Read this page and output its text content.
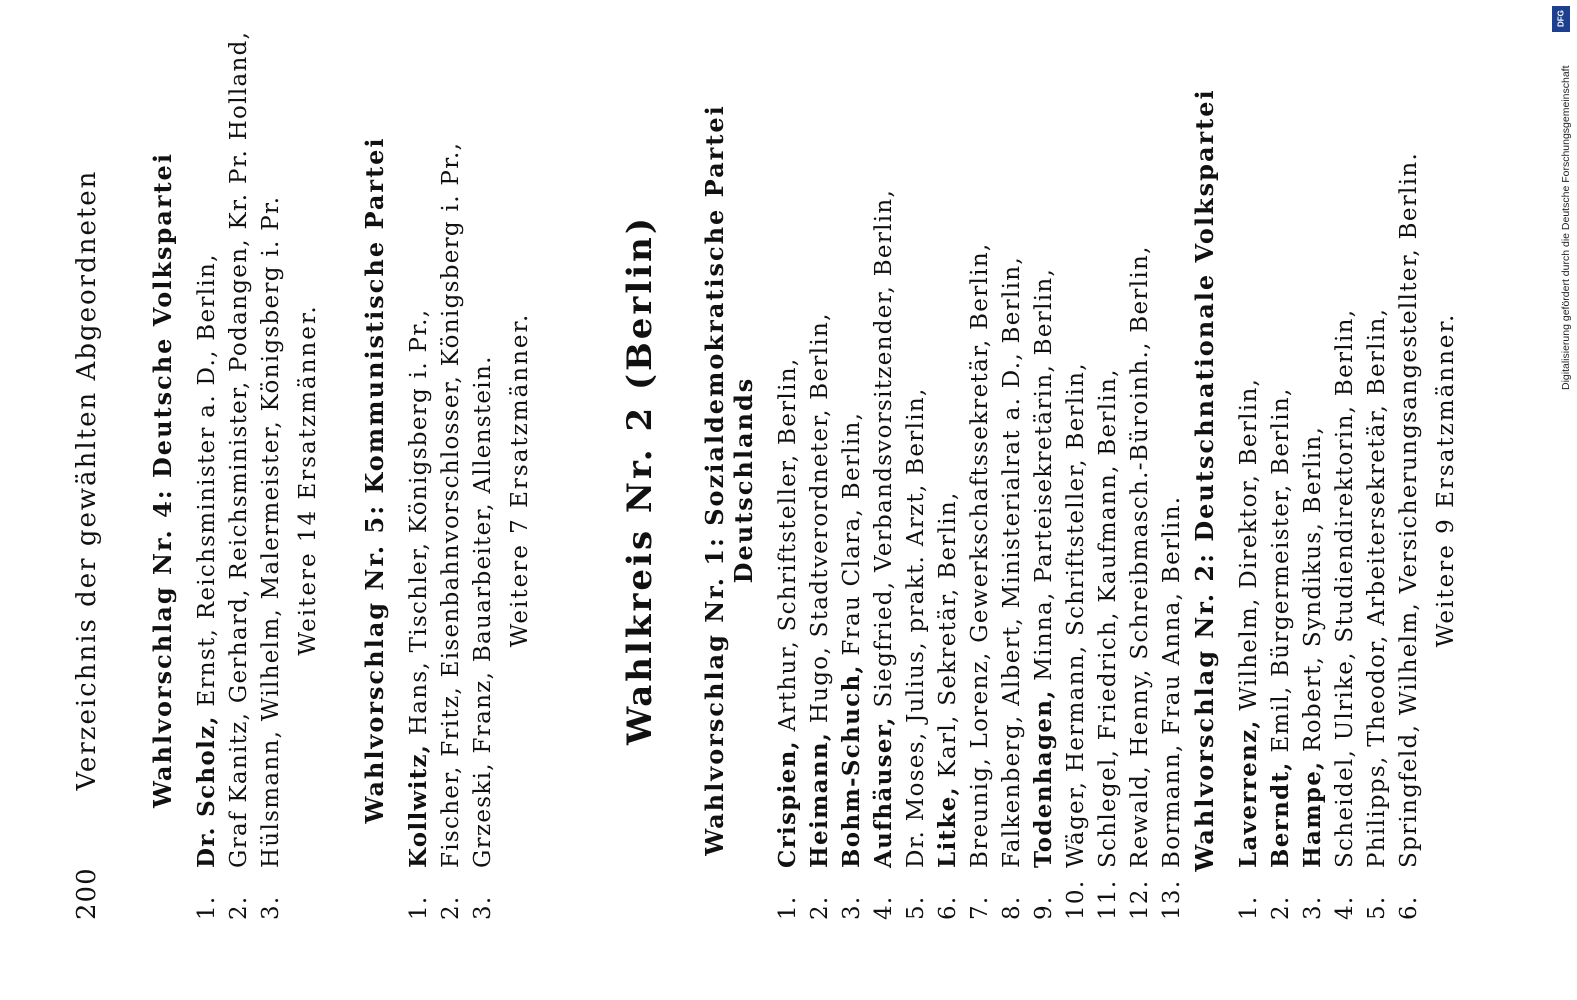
200
Verzeichnis der gewählten Abgeordneten Wahlvorschlag Nr. 4: Deutsche Volkspartei
1.Dr. Scholz, Ernst, Reichsminister a. D., Berlin,
2.Graf Kanitz, Gerhard, Reichsminister, Podangen, Kr. Pr. Holland,
3.Hülsmann, Wilhelm, Malermeister, Königsberg i. Pr. Weitere 14 Ersatzmänner. Wahlvorschlag Nr. 5: Kommunistische Partei
1.Kollwitz, Hans, Tischler, Königsberg i. Pr.,
2.Fischer, Fritz, Eisenbahnvorschlosser, Königsberg i. Pr.,
3.Grzeski, Franz, Bauarbeiter, Allenstein. Weitere 7 Ersatzmänner.	Wahlkreis Nr. 2 (Berlin) Wahlvorschlag Nr. 1: Sozialdemokratische Partei Deutschlands
1.Crispien, Arthur, Schriftsteller, Berlin,
2.Heimann, Hugo, Stadtverordneter, Berlin,
3.Bohm-Schuch, Frau Clara, Berlin,
4.Aufhäuser, Siegfried, Verbandsvorsitzender, Berlin,
5.Dr. Moses, Julius, prakt. Arzt, Berlin,
6.Litke, Karl, Sekretär, Berlin,
7.Breunig, Lorenz, Gewerkschaftssekretär, Berlin,
8.Falkenberg, Albert, Ministerialrat a. D., Berlin,
9.Todenhagen, Minna, Parteisekretärin, Berlin,
10.Wäger, Hermann, Schriftsteller, Berlin,
11.Schlegel, Friedrich, Kaufmann, Berlin,
12.Rewald, Henny, Schreibmasch.-Büroinh., Berlin,
13.Bormann, Frau Anna, Berlin. Wahlvorschlag Nr. 2: Deutschnationale Volkspartei
1.Laverrenz, Wilhelm, Direktor, Berlin,
2.Berndt, Emil, Bürgermeister, Berlin,
3.Hampe, Robert, Syndikus, Berlin,
4.Scheidel, Ulrike, Studiendirektorin, Berlin,
5.Philipps, Theodor, Arbeitersekretär, Berlin,
6.Springfeld, Wilhelm, Versicherungsangestellter, Berlin. Weitere 9 Ersatzmänner.
DFG
Digitalisierung gefördert durch die Deutsche Forschungsgemeinschaft
